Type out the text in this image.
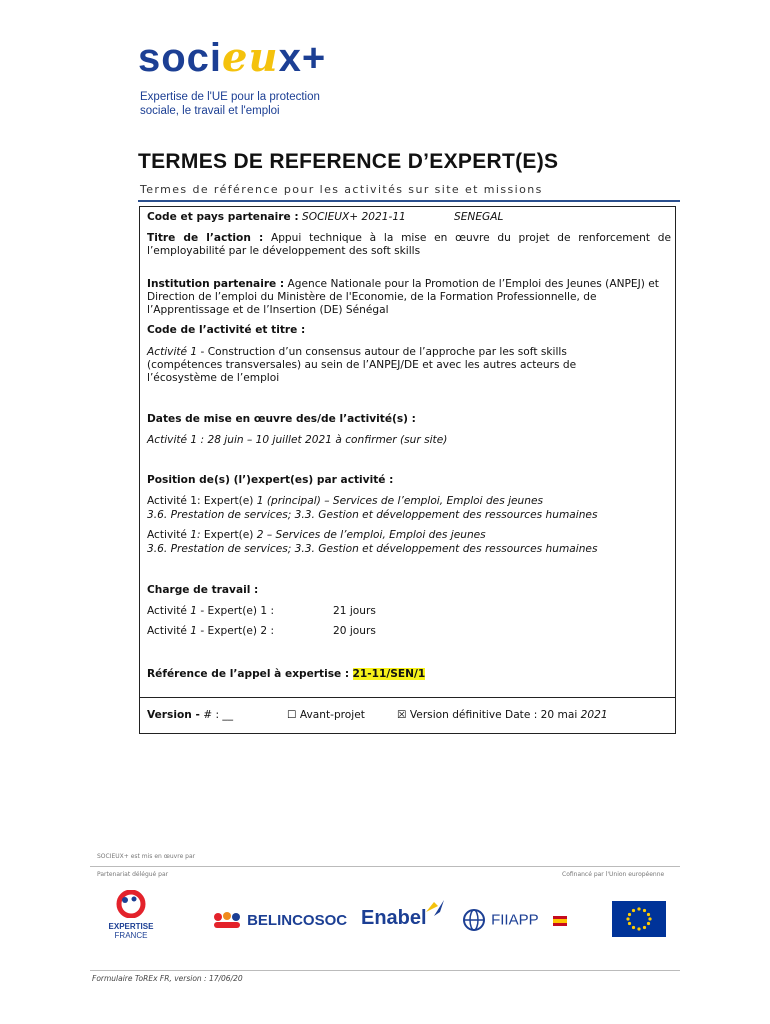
socieux+
Expertise de l'UE pour la protection
sociale, le travail et l'emploi
TERMES DE REFERENCE D’EXPERT(E)S
Termes de référence pour les activités sur site et missions
Code et pays partenaire : SOCIEUX+ 2021-11	SENEGAL
Titre de l’action : Appui technique à la mise en œuvre du projet de renforcement de l’employabilité par le développement des soft skills
Institution partenaire : Agence Nationale pour la Promotion de l’Emploi des Jeunes (ANPEJ) et Direction de l’emploi du Ministère de l'Economie, de la Formation Professionnelle, de l’Apprentissage et de l’Insertion (DE) Sénégal
Code de l’activité et titre :
Activité 1 - Construction d’un consensus autour de l’approche par les soft skills (compétences transversales) au sein de l’ANPEJ/DE et avec les autres acteurs de l’écosystème de l’emploi
Dates de mise en œuvre des/de l’activité(s) :
Activité 1 : 28 juin – 10 juillet 2021 à confirmer (sur site)
Position de(s) (l’)expert(es) par activité :
Activité 1: Expert(e) 1 (principal) – Services de l’emploi, Emploi des jeunes
3.6. Prestation de services; 3.3. Gestion et développement des ressources humaines
Activité 1: Expert(e) 2 – Services de l’emploi, Emploi des jeunes
3.6. Prestation de services; 3.3. Gestion et développement des ressources humaines
Charge de travail :
Activité 1 - Expert(e) 1 :	21 jours
Activité 1 - Expert(e) 2 :	20 jours
Référence de l’appel à expertise : 21-11/SEN/1
Version - # : __	☐ Avant-projet	☒ Version définitive Date : 20 mai 2021
SOCIEUX+ est mis en œuvre par
Partenariat délégué par	Cofinancé par l'Union européenne
EXPERTISE
FRANCE
BELINCOSOC Enabel	FIIAPP
Formulaire ToREx FR, version : 17/06/20
